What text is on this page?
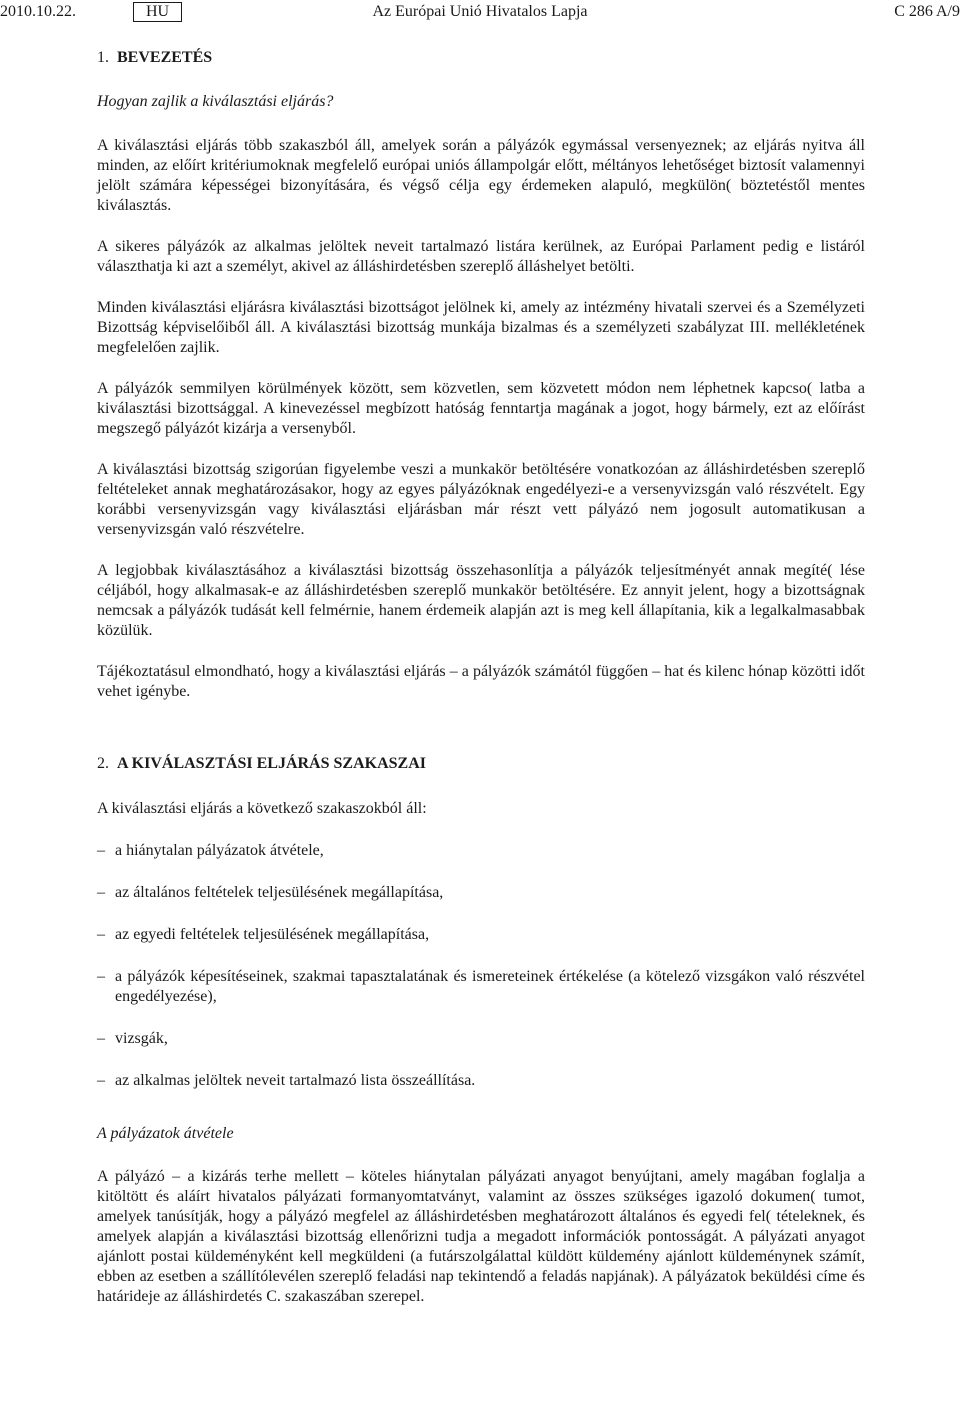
2010.10.22.	HU	Az Európai Unió Hivatalos Lapja	C 286 A/9
1. BEVEZETÉS
Hogyan zajlik a kiválasztási eljárás?

A kiválasztási eljárás több szakaszból áll, amelyek során a pályázók egymással versenyeznek; az eljárás nyitva áll minden, az előírt kritériumoknak megfelelő európai uniós állampolgár előtt, méltányos lehetőséget biztosít valamennyi jelölt számára képességei bizonyítására, és végső célja egy érdemeken alapuló, megkülön( böztetéstől mentes kiválasztás.

A sikeres pályázók az alkalmas jelöltek neveit tartalmazó listára kerülnek, az Európai Parlament pedig e listáról választhatja ki azt a személyt, akivel az álláshirdetésben szereplő álláshelyet betölti.

Minden kiválasztási eljárásra kiválasztási bizottságot jelölnek ki, amely az intézmény hivatali szervei és a Személyzeti Bizottság képviselőiből áll. A kiválasztási bizottság munkája bizalmas és a személyzeti szabályzat III. mellékletének megfelelően zajlik.

A pályázók semmilyen körülmények között, sem közvetlen, sem közvetett módon nem léphetnek kapcso( latba a kiválasztási bizottsággal. A kinevezéssel megbízott hatóság fenntartja magának a jogot, hogy bármely, ezt az előírást megszegő pályázót kizárja a versenyből.

A kiválasztási bizottság szigorúan figyelembe veszi a munkakör betöltésére vonatkozóan az álláshirdetésben szereplő feltételeket annak meghatározásakor, hogy az egyes pályázóknak engedélyezi-e a versenyvizsgán való részvételt. Egy korábbi versenyvizsgán vagy kiválasztási eljárásban már részt vett pályázó nem jogosult automatikusan a versenyvizsgán való részvételre.

A legjobbak kiválasztásához a kiválasztási bizottság összehasonlítja a pályázók teljesítményét annak megíté( lése céljából, hogy alkalmasak-e az álláshirdetésben szereplő munkakör betöltésére. Ez annyit jelent, hogy a bizottságnak nemcsak a pályázók tudását kell felmérnie, hanem érdemeik alapján azt is meg kell állapítania, kik a legalkalmasabbak közülük.

Tájékoztatásul elmondható, hogy a kiválasztási eljárás – a pályázók számától függően – hat és kilenc hónap közötti időt vehet igénybe.

2. A KIVÁLASZTÁSI ELJÁRÁS SZAKASZAI
A kiválasztási eljárás a következő szakaszokból áll:
– a hiánytalan pályázatok átvétele,
– az általános feltételek teljesülésének megállapítása,
– az egyedi feltételek teljesülésének megállapítása,
– a pályázók képesítéseinek, szakmai tapasztalatának és ismereteinek értékelése (a kötelező vizsgákon való részvétel engedélyezése),
– vizsgák,
– az alkalmas jelöltek neveit tartalmazó lista összeállítása.
A pályázatok átvétele

A pályázó – a kizárás terhe mellett – köteles hiánytalan pályázati anyagot benyújtani, amely magában foglalja a kitöltött és aláírt hivatalos pályázati formanyomtatványt, valamint az összes szükséges igazoló dokumen( tumot, amelyek tanúsítják, hogy a pályázó megfelel az álláshirdetésben meghatározott általános és egyedi fel( tételeknek, és amelyek alapján a kiválasztási bizottság ellenőrizni tudja a megadott információk pontosságát. A pályázati anyagot ajánlott postai küldeményként kell megküldeni (a futárszolgálattal küldött küldemény ajánlott küldeménynek számít, ebben az esetben a szállítólevélen szereplő feladási nap tekintendő a feladás napjának). A pályázatok beküldési címe és határideje az álláshirdetés C. szakaszában szerepel.
